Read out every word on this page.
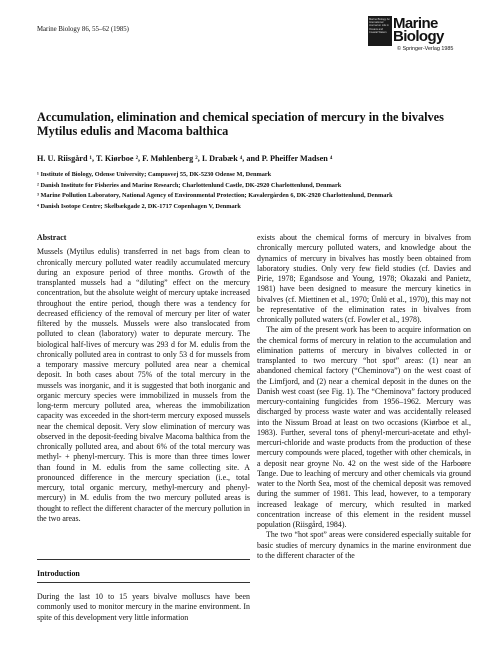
Marine Biology 86, 55–62 (1985)
Marine Biology An International Journal on Life in Oceans and Coastal Waters
Marine
Biology
© Springer-Verlag 1985
Accumulation, elimination and chemical speciation of mercury in the bivalves
Mytilus edulis and Macoma balthica
H. U. Riisgård ¹, T. Kiørboe ², F. Møhlenberg ², I. Drabæk ⁴, and P. Pheiffer Madsen ⁴
¹ Institute of Biology, Odense University; Campusvej 55, DK-5230 Odense M, Denmark
² Danish Institute for Fisheries and Marine Research; Charlottenlund Castle, DK-2920 Charlottenlund, Denmark
³ Marine Pollution Laboratory, National Agency of Environmental Protection; Kavalergården 6, DK-2920 Charlottenlund, Denmark
⁴ Danish Isotope Centre; Skelbækgade 2, DK-1717 Copenhagen V, Denmark
Abstract

Mussels (Mytilus edulis) transferred in net bags from clean to chronically mercury polluted water readily accumulated mercury during an exposure period of three months. Growth of the transplanted mussels had a “diluting” effect on the mercury concentration, but the absolute weight of mercury uptake increased throughout the entire period, though there was a tendency for decreased efficiency of the removal of mercury per liter of water filtered by the mussels. Mussels were also translocated from polluted to clean (laboratory) water to depurate mercury. The biological half-lives of mercury was 293 d for M. edulis from the chronically polluted area in contrast to only 53 d for mussels from a temporary massive mercury polluted area near a chemical deposit. In both cases about 75% of the total mercury in the mussels was inorganic, and it is suggested that both inorganic and organic mercury species were immobilized in mussels from the long-term mercury polluted area, whereas the immobilization capacity was exceeded in the short-term mercury exposed mussels near the chemical deposit. Very slow elimination of mercury was observed in the deposit-feeding bivalve Macoma balthica from the chronically polluted area, and about 6% of the total mercury was methyl- + phenyl-mercury. This is more than three times lower than found in M. edulis from the same collecting site. A pronounced difference in the mercury speciation (i.e., total mercury, total organic mercury, methyl-mercury and phenyl-mercury) in M. edulis from the two mercury polluted areas is thought to reflect the different character of the mercury pollution in the two areas.

Introduction

During the last 10 to 15 years bivalve molluscs have been commonly used to monitor mercury in the marine environment. In spite of this development very little information

exists about the chemical forms of mercury in bivalves from chronically mercury polluted waters, and knowledge about the dynamics of mercury in bivalves has mostly been obtained from laboratory studies. Only very few field studies (cf. Davies and Pirie, 1978; Egandsose and Young, 1978; Okazaki and Panietz, 1981) have been designed to measure the mercury kinetics in bivalves (cf. Miettinen et al., 1970; Ünlü et al., 1970), this may not be representative of the elimination rates in bivalves from chronically polluted waters (cf. Fowler et al., 1978).

The aim of the present work has been to acquire information on the chemical forms of mercury in relation to the accumulation and elimination patterns of mercury in bivalves collected in or transplanted to two mercury “hot spot” areas: (1) near an abandoned chemical factory (“Cheminova”) on the west coast of the Limfjord, and (2) near a chemical deposit in the dunes on the Danish west coast (see Fig. 1). The “Cheminova” factory produced mercury-containing fungicides from 1956–1962. Mercury was discharged by process waste water and was accidentally released into the Nissum Broad at least on two occasions (Kiørboe et al., 1983). Further, several tons of phenyl-mercuri-acetate and ethyl-mercuri-chloride and waste products from the production of these mercury compounds were placed, together with other chemicals, in a deposit near groyne No. 42 on the west side of the Harboøre Tange. Due to leaching of mercury and other chemicals via ground water to the North Sea, most of the chemical deposit was removed during the summer of 1981. This lead, however, to a temporary increased leakage of mercury, which resulted in marked concentration increase of this element in the resident mussel population (Riisgård, 1984).

The two “hot spot” areas were considered especially suitable for basic studies of mercury dynamics in the marine environment due to the different character of the
